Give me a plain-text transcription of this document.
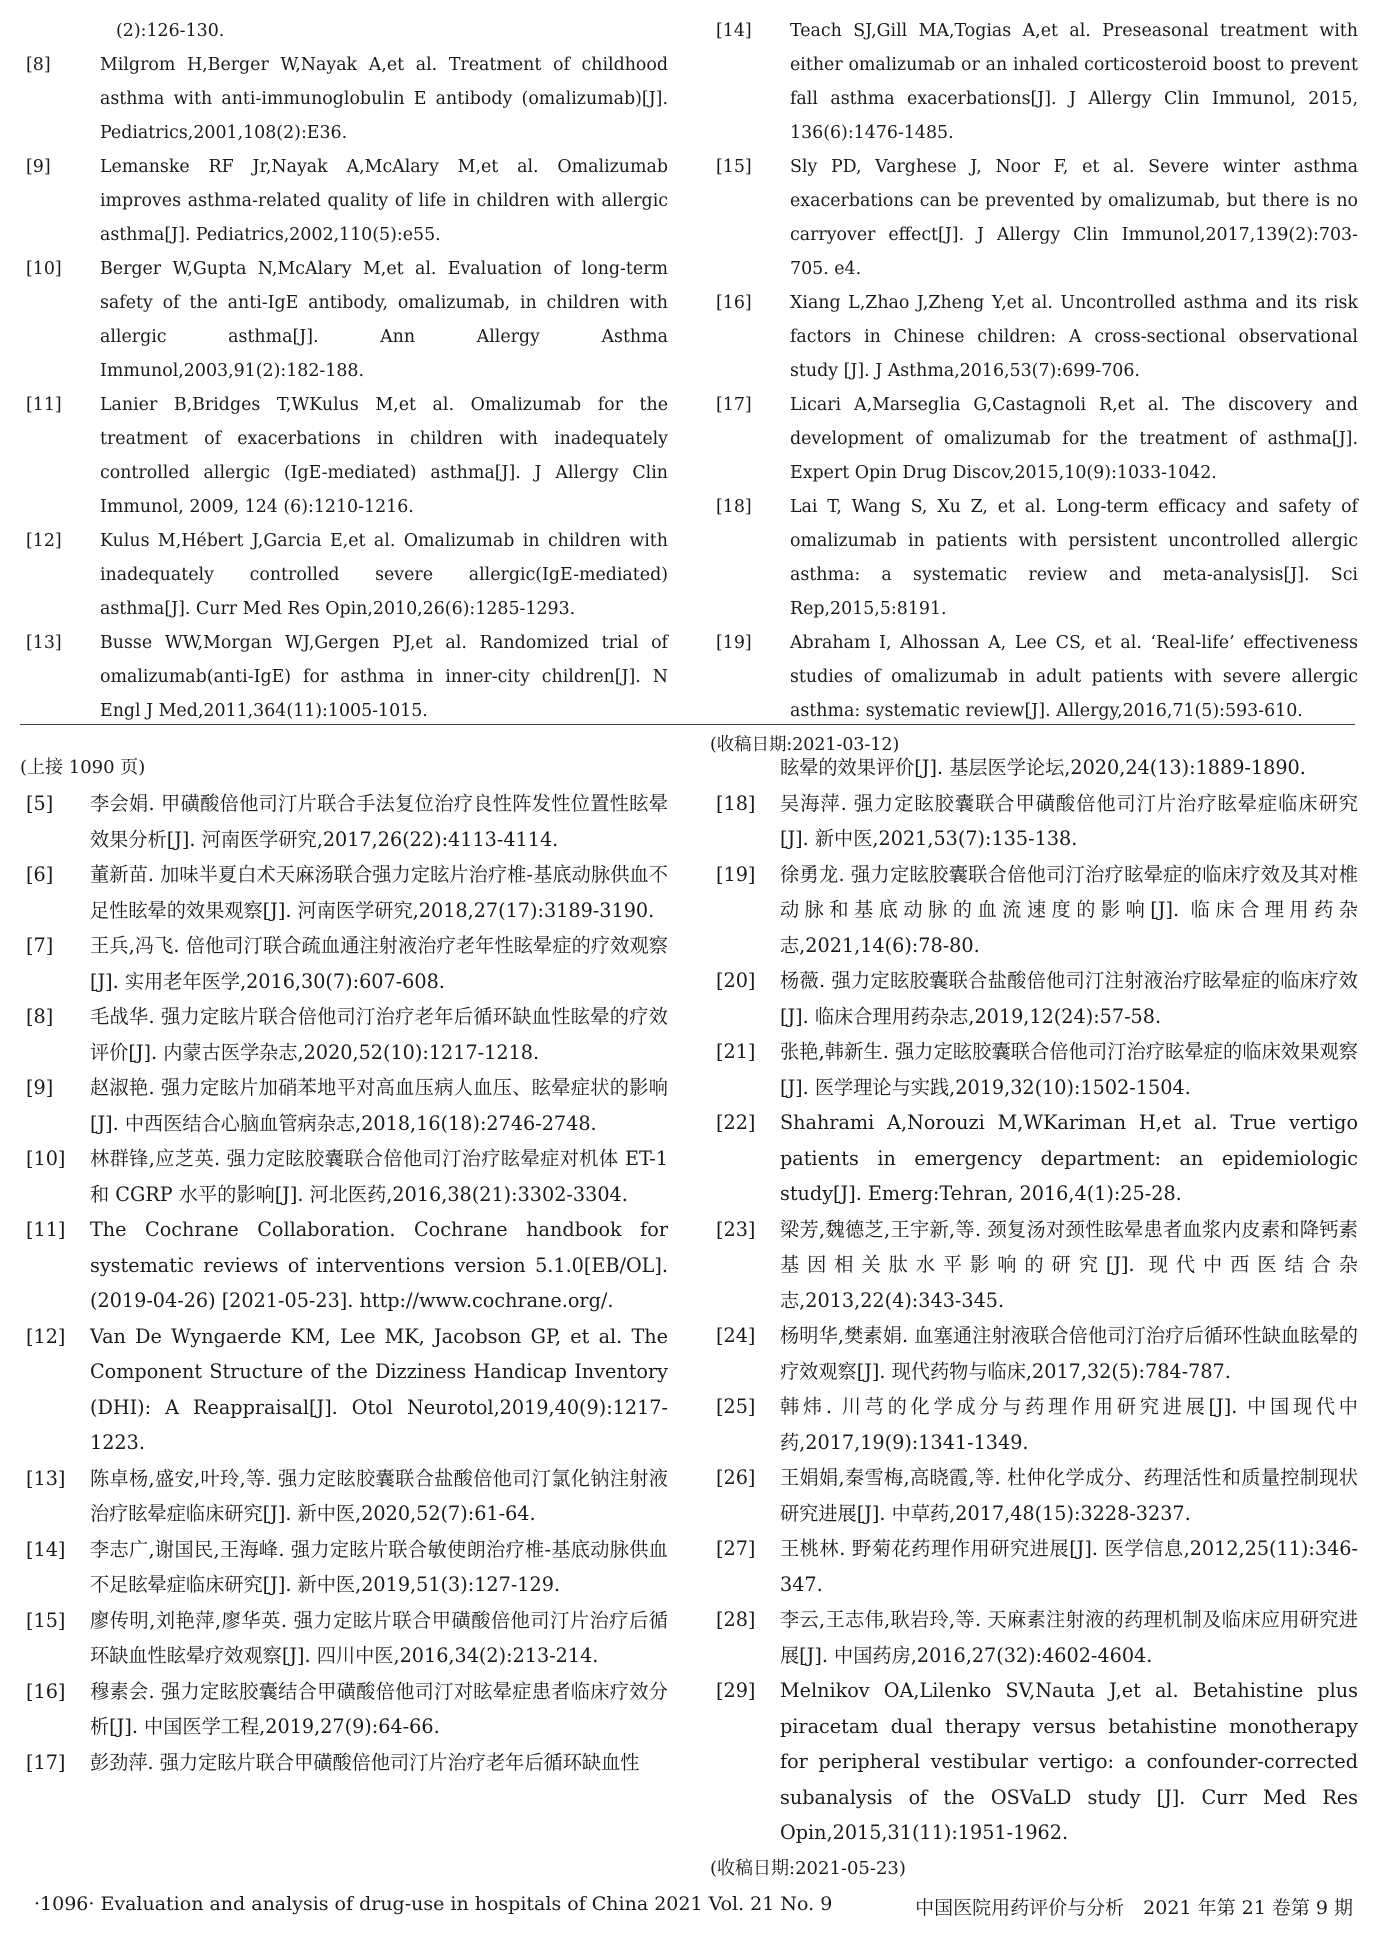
(2):126-130.
[8]	Milgrom H,Berger W,Nayak A,et al. Treatment of childhood asthma with anti-immunoglobulin E antibody (omalizumab)[J]. Pediatrics,2001,108(2):E36.
[9]	Lemanske RF Jr,Nayak A,McAlary M,et al. Omalizumab improves asthma-related quality of life in children with allergic asthma[J]. Pediatrics,2002,110(5):e55.
[10]	Berger W,Gupta N,McAlary M,et al. Evaluation of long-term safety of the anti-IgE antibody, omalizumab, in children with allergic asthma[J]. Ann Allergy Asthma Immunol,2003,91(2):182-188.
[11]	Lanier B,Bridges T,WKulus M,et al. Omalizumab for the treatment of exacerbations in children with inadequately controlled allergic (IgE-mediated) asthma[J]. J Allergy Clin Immunol, 2009, 124 (6):1210-1216.
[12]	Kulus M,Hébert J,Garcia E,et al. Omalizumab in children with inadequately controlled severe allergic(IgE-mediated) asthma[J]. Curr Med Res Opin,2010,26(6):1285-1293.
[13]	Busse WW,Morgan WJ,Gergen PJ,et al. Randomized trial of omalizumab(anti-IgE) for asthma in inner-city children[J]. N Engl J Med,2011,364(11):1005-1015.
[14]	Teach SJ,Gill MA,Togias A,et al. Preseasonal treatment with either omalizumab or an inhaled corticosteroid boost to prevent fall asthma exacerbations[J]. J Allergy Clin Immunol, 2015, 136(6):1476-1485.
[15]	Sly PD, Varghese J, Noor F, et al. Severe winter asthma exacerbations can be prevented by omalizumab, but there is no carryover effect[J]. J Allergy Clin Immunol,2017,139(2):703-705. e4.
[16]	Xiang L,Zhao J,Zheng Y,et al. Uncontrolled asthma and its risk factors in Chinese children: A cross-sectional observational study [J]. J Asthma,2016,53(7):699-706.
[17]	Licari A,Marseglia G,Castagnoli R,et al. The discovery and development of omalizumab for the treatment of asthma[J]. Expert Opin Drug Discov,2015,10(9):1033-1042.
[18]	Lai T, Wang S, Xu Z, et al. Long-term efficacy and safety of omalizumab in patients with persistent uncontrolled allergic asthma: a systematic review and meta-analysis[J]. Sci Rep,2015,5:8191.
[19]	Abraham I, Alhossan A, Lee CS, et al. ‘Real-life’ effectiveness studies of omalizumab in adult patients with severe allergic asthma: systematic review[J]. Allergy,2016,71(5):593-610.
(收稿日期:2021-03-12)
(上接 1090 页)
[5]	李会娟. 甲磺酸倍他司汀片联合手法复位治疗良性阵发性位置性眩晕效果分析[J]. 河南医学研究,2017,26(22):4113-4114.
[6]	董新苗. 加味半夏白术天麻汤联合强力定眩片治疗椎-基底动脉供血不足性眩晕的效果观察[J]. 河南医学研究,2018,27(17):3189-3190.
[7]	王兵,冯飞. 倍他司汀联合疏血通注射液治疗老年性眩晕症的疗效观察[J]. 实用老年医学,2016,30(7):607-608.
[8]	毛战华. 强力定眩片联合倍他司汀治疗老年后循环缺血性眩晕的疗效评价[J]. 内蒙古医学杂志,2020,52(10):1217-1218.
[9]	赵淑艳. 强力定眩片加硝苯地平对高血压病人血压、眩晕症状的影响[J]. 中西医结合心脑血管病杂志,2018,16(18):2746-2748.
[10]	林群锋,应芝英. 强力定眩胶囊联合倍他司汀治疗眩晕症对机体 ET-1 和 CGRP 水平的影响[J]. 河北医药,2016,38(21):3302-3304.
[11]	The Cochrane Collaboration. Cochrane handbook for systematic reviews of interventions version 5.1.0[EB/OL]. (2019-04-26) [2021-05-23]. http://www.cochrane.org/.
[12]	Van De Wyngaerde KM, Lee MK, Jacobson GP, et al. The Component Structure of the Dizziness Handicap Inventory (DHI): A Reappraisal[J]. Otol Neurotol,2019,40(9):1217-1223.
[13]	陈卓杨,盛安,叶玲,等. 强力定眩胶囊联合盐酸倍他司汀氯化钠注射液治疗眩晕症临床研究[J]. 新中医,2020,52(7):61-64.
[14]	李志广,谢国民,王海峰. 强力定眩片联合敏使朗治疗椎-基底动脉供血不足眩晕症临床研究[J]. 新中医,2019,51(3):127-129.
[15]	廖传明,刘艳萍,廖华英. 强力定眩片联合甲磺酸倍他司汀片治疗后循环缺血性眩晕疗效观察[J]. 四川中医,2016,34(2):213-214.
[16]	穆素会. 强力定眩胶囊结合甲磺酸倍他司汀对眩晕症患者临床疗效分析[J]. 中国医学工程,2019,27(9):64-66.
[17]	彭劲萍. 强力定眩片联合甲磺酸倍他司汀片治疗老年后循环缺血性
眩晕的效果评价[J]. 基层医学论坛,2020,24(13):1889-1890.
[18]	吴海萍. 强力定眩胶囊联合甲磺酸倍他司汀片治疗眩晕症临床研究[J]. 新中医,2021,53(7):135-138.
[19]	徐勇龙. 强力定眩胶囊联合倍他司汀治疗眩晕症的临床疗效及其对椎动脉和基底动脉的血流速度的影响[J]. 临床合理用药杂志,2021,14(6):78-80.
[20]	杨薇. 强力定眩胶囊联合盐酸倍他司汀注射液治疗眩晕症的临床疗效[J]. 临床合理用药杂志,2019,12(24):57-58.
[21]	张艳,韩新生. 强力定眩胶囊联合倍他司汀治疗眩晕症的临床效果观察[J]. 医学理论与实践,2019,32(10):1502-1504.
[22]	Shahrami A,Norouzi M,WKariman H,et al. True vertigo patients in emergency department: an epidemiologic study[J]. Emerg:Tehran, 2016,4(1):25-28.
[23]	梁芳,魏德芝,王宇新,等. 颈复汤对颈性眩晕患者血浆内皮素和降钙素基因相关肽水平影响的研究[J]. 现代中西医结合杂志,2013,22(4):343-345.
[24]	杨明华,樊素娟. 血塞通注射液联合倍他司汀治疗后循环性缺血眩晕的疗效观察[J]. 现代药物与临床,2017,32(5):784-787.
[25]	韩炜. 川芎的化学成分与药理作用研究进展[J]. 中国现代中药,2017,19(9):1341-1349.
[26]	王娟娟,秦雪梅,高晓霞,等. 杜仲化学成分、药理活性和质量控制现状研究进展[J]. 中草药,2017,48(15):3228-3237.
[27]	王桃林. 野菊花药理作用研究进展[J]. 医学信息,2012,25(11):346-347.
[28]	李云,王志伟,耿岩玲,等. 天麻素注射液的药理机制及临床应用研究进展[J]. 中国药房,2016,27(32):4602-4604.
[29]	Melnikov OA,Lilenko SV,Nauta J,et al. Betahistine plus piracetam dual therapy versus betahistine monotherapy for peripheral vestibular vertigo: a confounder-corrected subanalysis of the OSVaLD study [J]. Curr Med Res Opin,2015,31(11):1951-1962.
(收稿日期:2021-05-23)
·1096· Evaluation and analysis of drug-use in hospitals of China 2021 Vol. 21 No. 9	中国医院用药评价与分析　2021 年第 21 卷第 9 期
